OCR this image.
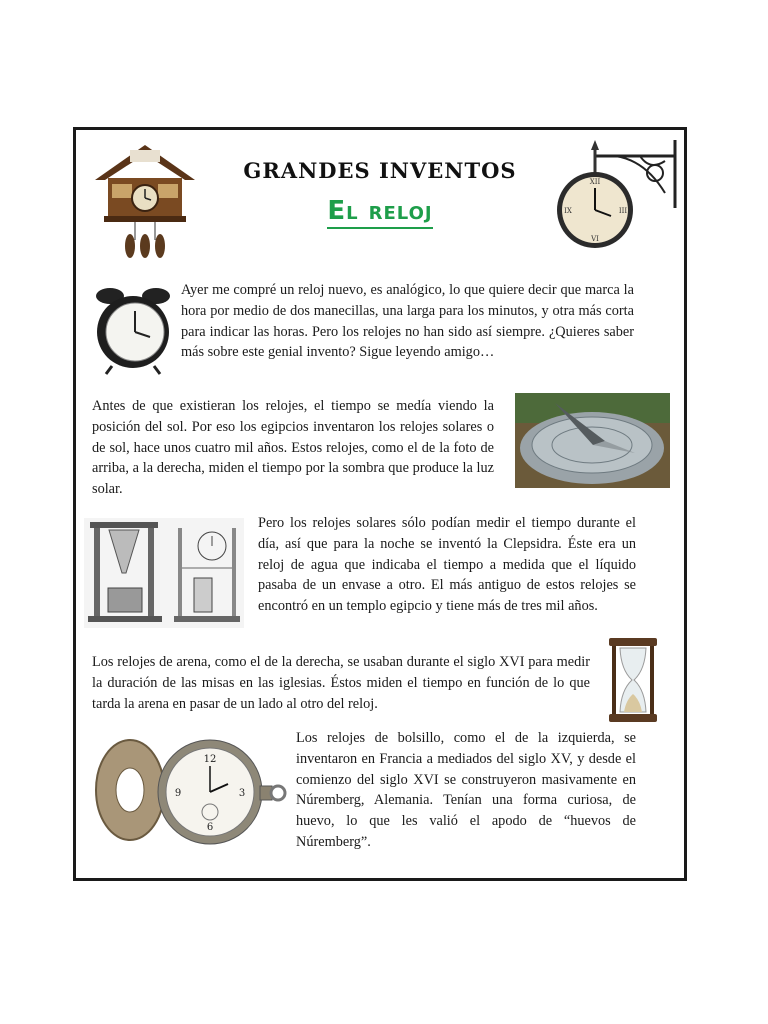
GRANDES INVENTOS
El reloj
XII
III
VI
IX
Ayer me compré un reloj nuevo, es analógico, lo que quiere decir que marca la hora por medio de dos manecillas, una larga para los minutos, y otra más corta para indicar las horas. Pero los relojes no han sido así siempre. ¿Quieres saber más sobre este genial invento? Sigue leyendo amigo…
Antes de que existieran los relojes, el tiempo se medía viendo la posición del sol. Por eso los egipcios inventaron los relojes solares o de sol, hace unos cuatro mil años. Estos relojes, como el de la foto de arriba, a la derecha, miden el tiempo por la sombra que produce la luz solar.
Pero los relojes solares sólo podían medir el tiempo durante el día, así que para la noche se inventó la Clepsidra. Éste era un reloj de agua que indicaba el tiempo a medida que el líquido pasaba de un envase a otro. El más antiguo de estos relojes se encontró en un templo egipcio y tiene más de tres mil años.
Los relojes de arena, como el de la derecha, se usaban durante el siglo XVI para medir la duración de las misas en las iglesias. Éstos miden el tiempo en función de lo que tarda la arena en pasar de un lado al otro del reloj.
12
3
6
9
Los relojes de bolsillo, como el de la izquierda, se inventaron en Francia a mediados del siglo XV, y desde el comienzo del siglo XVI se construyeron masivamente en Núremberg, Alemania. Tenían una forma curiosa, de huevo, lo que les valió el apodo de “huevos de Núremberg”.
